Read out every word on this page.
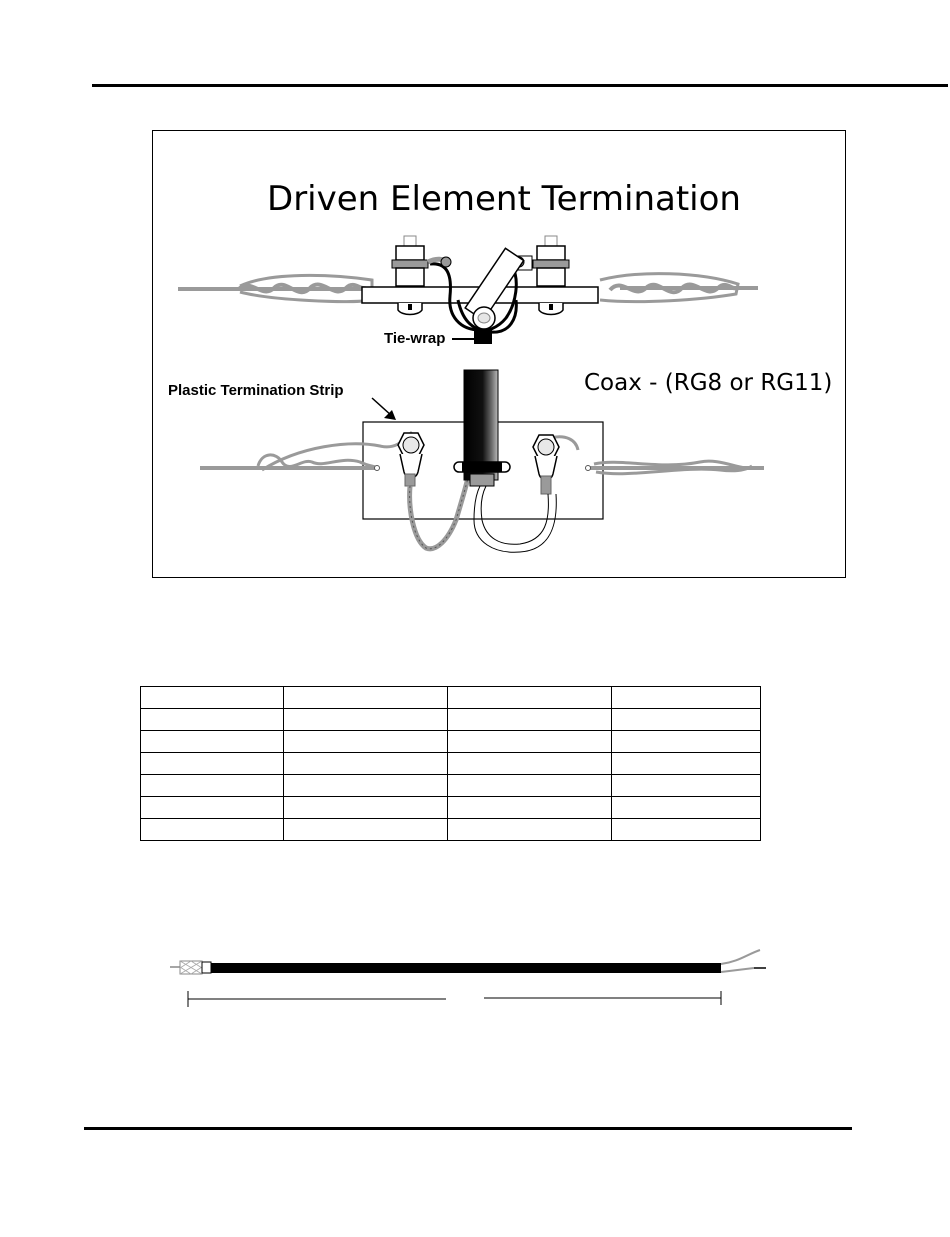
Driven Element Termination
Tie-wrap
Plastic Termination Strip	Coax - (RG8 or RG11)
